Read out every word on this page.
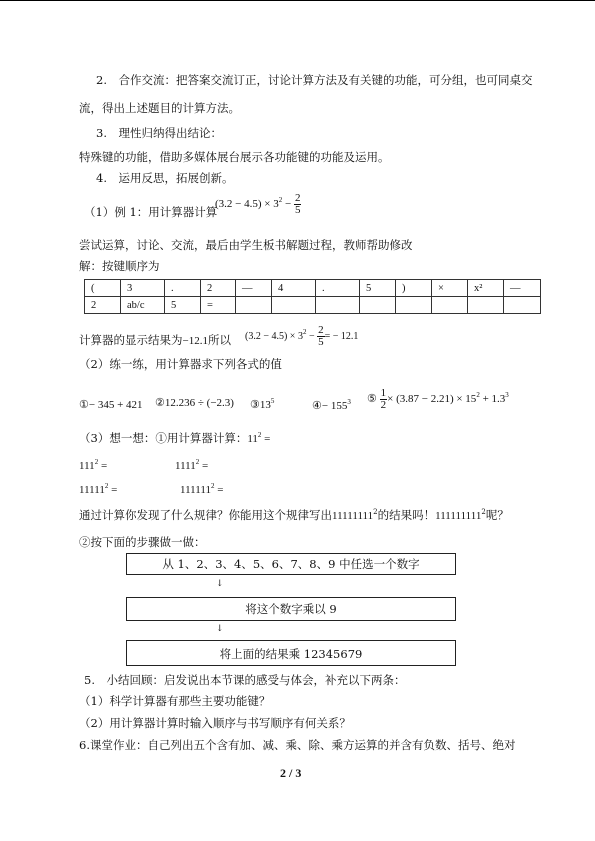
2.　合作交流：把答案交流订正，讨论计算方法及有关键的功能，可分组，也可同桌交
流，得出上述题目的计算方法。
3.　理性归纳得出结论：
特殊键的功能，借助多媒体展台展示各功能键的功能及运用。
4.　运用反思，拓展创新。
（1）例 1：用计算器计算
$(3.2 - 4.5) \times 3^2 - \frac{2}{5}$
尝试运算，讨论、交流，最后由学生板书解题过程，教师帮助修改
解：按键顺序为
(	3	.	2	—	4	.	5	)	×	x²	—
2	ab/c	5	=								
计算器的显示结果为−12.1所以 $(3.2 - 4.5) \times 3^2 - \frac{2}{5}$ = − 12.1
（2）练一练，用计算器求下列各式的值
①− 345 + 421 ②12.236 ÷ (−2.3) $③13^5$	④− $155^3$ ⑤ $\frac{1}{2} \times (3.87 - 2.21) \times 15^2 + 1.3^3$
（3）想一想：①用计算器计算：$11^2$ =
$111^2$ =	$1111^2$ =
$11111^2$ =	$111111^2$ =
通过计算你发现了什么规律？你能用这个规律写出11111111$^2$的结果吗！111111111$^2$呢？
②按下面的步骤做一做：
从 1、2、3、4、5、6、7、8、9 中任选一个数字
↓
将这个数字乘以 9
↓
将上面的结果乘 12345679
5.　小结回顾：启发说出本节课的感受与体会，补充以下两条：
（1）科学计算器有那些主要功能键？
（2）用计算器计算时输入顺序与书写顺序有何关系？
6.课堂作业：自己列出五个含有加、减、乘、除、乘方运算的并含有负数、括号、绝对
2 / 3
